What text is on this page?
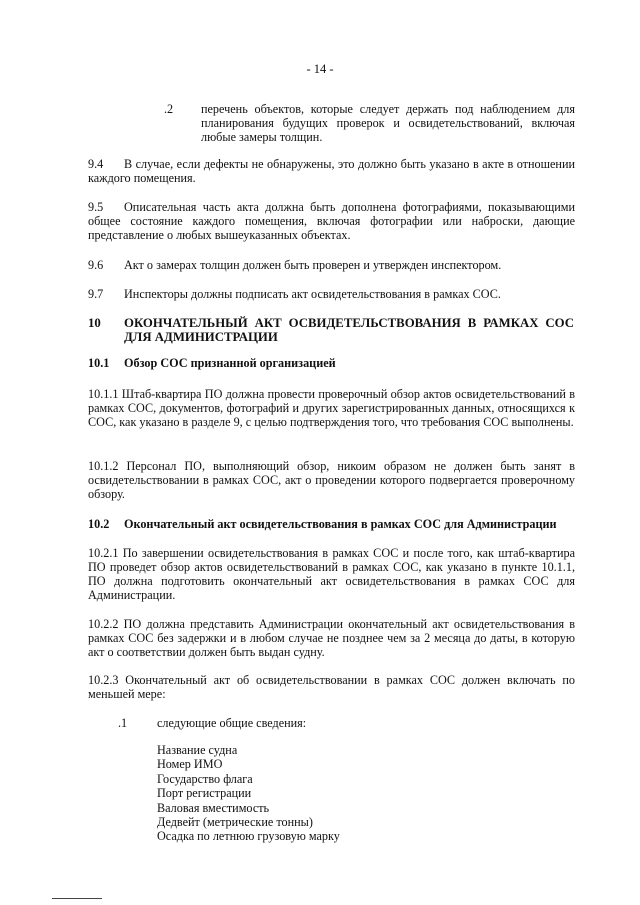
- 14 -
.2 перечень объектов, которые следует держать под наблюдением для планирования будущих проверок и освидетельствований, включая любые замеры толщин.
9.4 В случае, если дефекты не обнаружены, это должно быть указано в акте в отношении каждого помещения.
9.5 Описательная часть акта должна быть дополнена фотографиями, показывающими общее состояние каждого помещения, включая фотографии или наброски, дающие представление о любых вышеуказанных объектах.
9.6 Акт о замерах толщин должен быть проверен и утвержден инспектором.
9.7 Инспекторы должны подписать акт освидетельствования в рамках СОС.
10 ОКОНЧАТЕЛЬНЫЙ АКТ ОСВИДЕТЕЛЬСТВОВАНИЯ В РАМКАХ СОС ДЛЯ АДМИНИСТРАЦИИ
10.1 Обзор СОС признанной организацией
10.1.1 Штаб-квартира ПО должна провести проверочный обзор актов освидетельствований в рамках СОС, документов, фотографий и других зарегистрированных данных, относящихся к СОС, как указано в разделе 9, с целью подтверждения того, что требования СОС выполнены.
10.1.2 Персонал ПО, выполняющий обзор, никоим образом не должен быть занят в освидетельствовании в рамках СОС, акт о проведении которого подвергается проверочному обзору.
10.2 Окончательный акт освидетельствования в рамках СОС для Администрации
10.2.1 По завершении освидетельствования в рамках СОС и после того, как штаб-квартира ПО проведет обзор актов освидетельствований в рамках СОС, как указано в пункте 10.1.1, ПО должна подготовить окончательный акт освидетельствования в рамках СОС для Администрации.
10.2.2 ПО должна представить Администрации окончательный акт освидетельствования в рамках СОС без задержки и в любом случае не позднее чем за 2 месяца до даты, в которую акт о соответствии должен быть выдан судну.
10.2.3 Окончательный акт об освидетельствовании в рамках СОС должен включать по меньшей мере:
.1 следующие общие сведения:
Название судна
Номер ИМО
Государство флага
Порт регистрации
Валовая вместимость
Дедвейт (метрические тонны)
Осадка по летнюю грузовую марку
